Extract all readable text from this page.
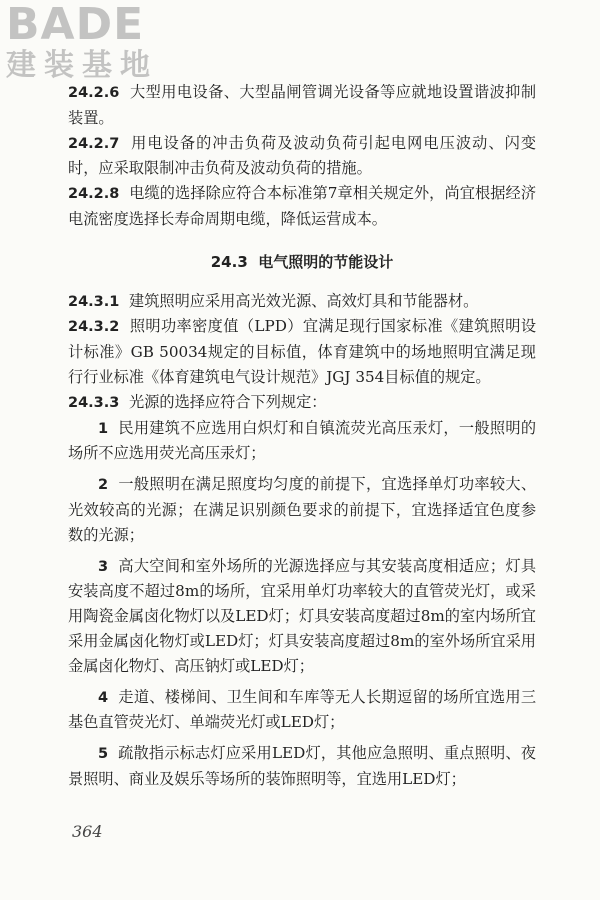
BADE
建装基地

24.2.6 大型用电设备、大型晶闸管调光设备等应就地设置谐波抑制装置。

24.2.7 用电设备的冲击负荷及波动负荷引起电网电压波动、闪变时，应采取限制冲击负荷及波动负荷的措施。

24.2.8 电缆的选择除应符合本标准第7章相关规定外，尚宜根据经济电流密度选择长寿命周期电缆，降低运营成本。

24.3 电气照明的节能设计

24.3.1 建筑照明应采用高光效光源、高效灯具和节能器材。

24.3.2 照明功率密度值（LPD）宜满足现行国家标准《建筑照明设计标准》GB 50034规定的目标值，体育建筑中的场地照明宜满足现行行业标准《体育建筑电气设计规范》JGJ 354目标值的规定。

24.3.3 光源的选择应符合下列规定：

1 民用建筑不应选用白炽灯和自镇流荧光高压汞灯，一般照明的场所不应选用荧光高压汞灯；

2 一般照明在满足照度均匀度的前提下，宜选择单灯功率较大、光效较高的光源；在满足识别颜色要求的前提下，宜选择适宜色度参数的光源；

3 高大空间和室外场所的光源选择应与其安装高度相适应；灯具安装高度不超过8m的场所，宜采用单灯功率较大的直管荧光灯，或采用陶瓷金属卤化物灯以及LED灯；灯具安装高度超过8m的室内场所宜采用金属卤化物灯或LED灯；灯具安装高度超过8m的室外场所宜采用金属卤化物灯、高压钠灯或LED灯；

4 走道、楼梯间、卫生间和车库等无人长期逗留的场所宜选用三基色直管荧光灯、单端荧光灯或LED灯；

5 疏散指示标志灯应采用LED灯，其他应急照明、重点照明、夜景照明、商业及娱乐等场所的装饰照明等，宜选用LED灯；

364
